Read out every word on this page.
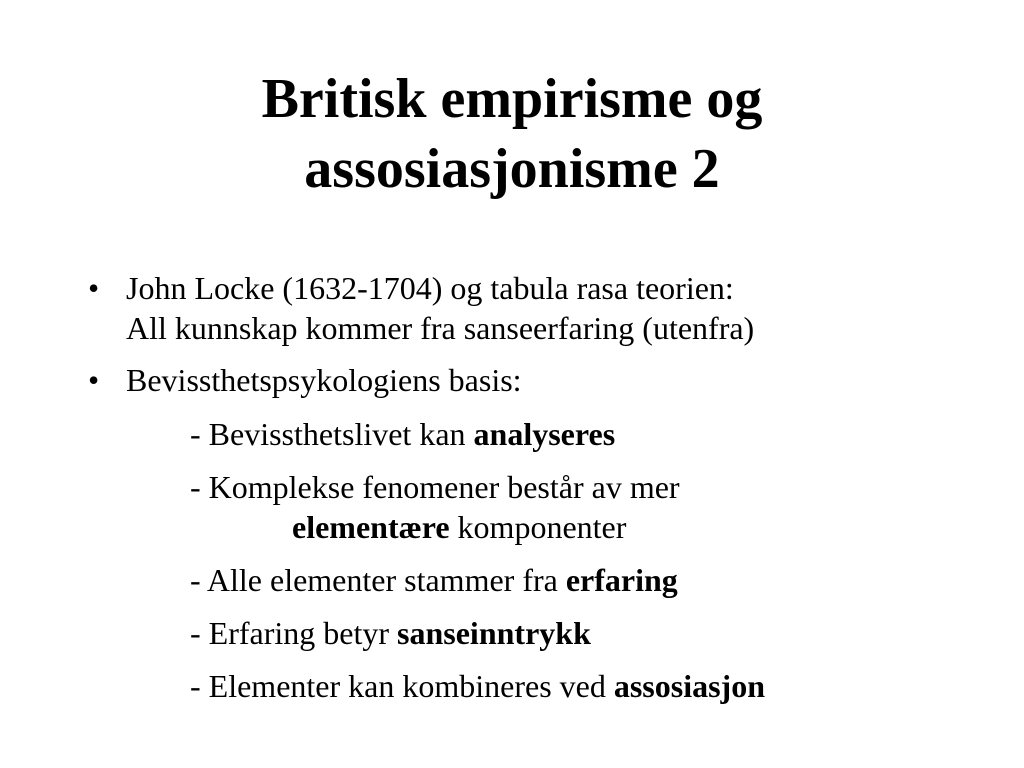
Britisk empirisme og
assosiasjonisme 2
• John Locke (1632-1704) og tabula rasa teorien:
All kunnskap kommer fra sanseerfaring (utenfra)
• Bevissthetspsykologiens basis:
- Bevissthetslivet kan analyseres
- Komplekse fenomener består av mer
elementære komponenter
- Alle elementer stammer fra erfaring
- Erfaring betyr sanseinntrykk
- Elementer kan kombineres ved assosiasjon
